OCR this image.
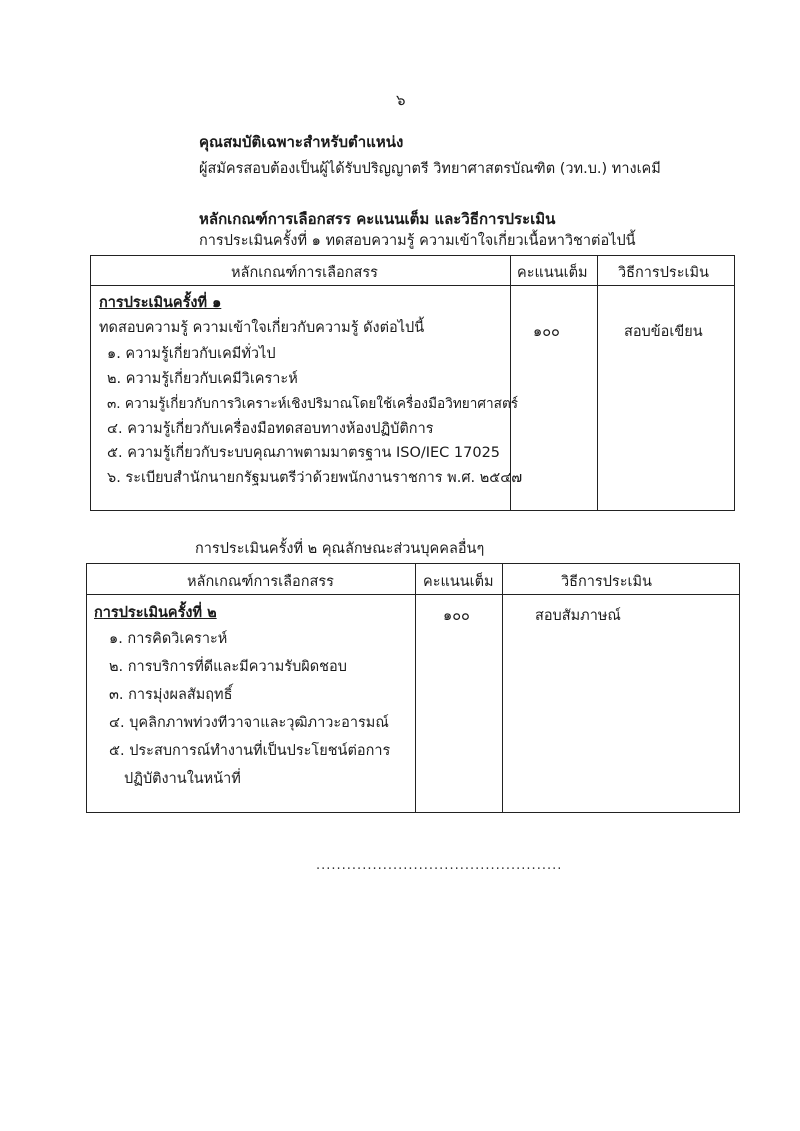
๖
คุณสมบัติเฉพาะสำหรับตำแหน่ง
ผู้สมัครสอบต้องเป็นผู้ได้รับปริญญาตรี วิทยาศาสตรบัณฑิต (วท.บ.) ทางเคมี
หลักเกณฑ์การเลือกสรร คะแนนเต็ม และวิธีการประเมิน
การประเมินครั้งที่ ๑ ทดสอบความรู้ ความเข้าใจเกี่ยวเนื้อหาวิชาต่อไปนี้
หลักเกณฑ์การเลือกสรร	คะแนนเต็ม วิธีการประเมิน
การประเมินครั้งที่ ๑
ทดสอบความรู้ ความเข้าใจเกี่ยวกับความรู้ ดังต่อไปนี้
๑. ความรู้เกี่ยวกับเคมีทั่วไป
๒. ความรู้เกี่ยวกับเคมีวิเคราะห์
๓. ความรู้เกี่ยวกับการวิเคราะห์เชิงปริมาณโดยใช้เครื่องมือวิทยาศาสตร์
๔. ความรู้เกี่ยวกับเครื่องมือทดสอบทางห้องปฏิบัติการ
๕. ความรู้เกี่ยวกับระบบคุณภาพตามมาตรฐาน ISO/IEC 17025
๖. ระเบียบสำนักนายกรัฐมนตรีว่าด้วยพนักงานราชการ พ.ศ. ๒๕๔๗
๑๐๐	สอบข้อเขียน
การประเมินครั้งที่ ๒ คุณลักษณะส่วนบุคคลอื่นๆ
หลักเกณฑ์การเลือกสรร	คะแนนเต็ม	วิธีการประเมิน
การประเมินครั้งที่ ๒
๑. การคิดวิเคราะห์
๒. การบริการที่ดีและมีความรับผิดชอบ
๓. การมุ่งผลสัมฤทธิ์
๔. บุคลิกภาพท่วงทีวาจาและวุฒิภาวะอารมณ์
๕. ประสบการณ์ทำงานที่เป็นประโยชน์ต่อการ
ปฏิบัติงานในหน้าที่
๑๐๐	สอบสัมภาษณ์
................................................
